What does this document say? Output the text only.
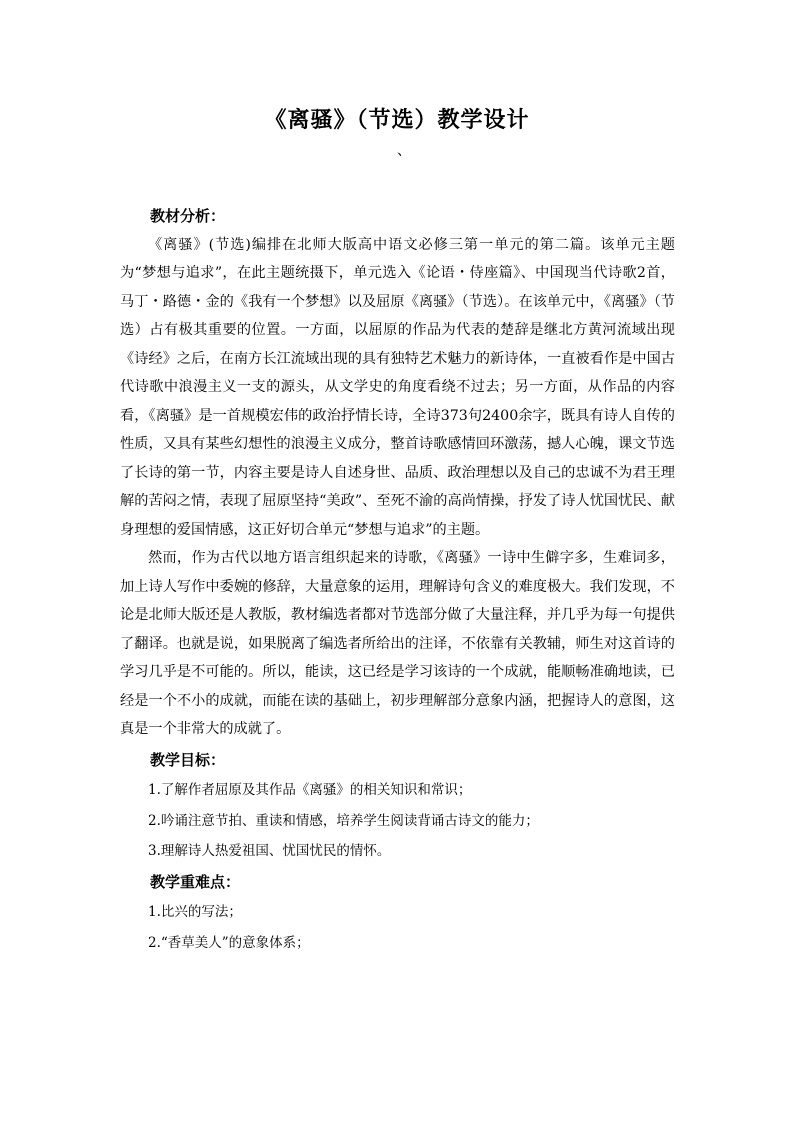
《离骚》（节选）教学设计
、
教材分析：

《离骚》(节选)编排在北师大版高中语文必修三第一单元的第二篇。该单元主题为“梦想与追求”，在此主题统摄下，单元选入《论语・侍座篇》、中国现当代诗歌2首，马丁・路德・金的《我有一个梦想》以及屈原《离骚》（节选）。在该单元中，《离骚》（节选）占有极其重要的位置。一方面，以屈原的作品为代表的楚辞是继北方黄河流域出现《诗经》之后，在南方长江流域出现的具有独特艺术魅力的新诗体，一直被看作是中国古代诗歌中浪漫主义一支的源头，从文学史的角度看绕不过去；另一方面，从作品的内容看，《离骚》是一首规模宏伟的政治抒情长诗，全诗373句2400余字，既具有诗人自传的性质，又具有某些幻想性的浪漫主义成分，整首诗歌感情回环激荡，撼人心魄，课文节选了长诗的第一节，内容主要是诗人自述身世、品质、政治理想以及自己的忠诚不为君王理解的苦闷之情，表现了屈原坚持“美政”、至死不渝的高尚情操，抒发了诗人忧国忧民、献身理想的爱国情感，这正好切合单元“梦想与追求”的主题。

然而，作为古代以地方语言组织起来的诗歌，《离骚》一诗中生僻字多，生难词多，加上诗人写作中委婉的修辞，大量意象的运用，理解诗句含义的难度极大。我们发现，不论是北师大版还是人教版，教材编选者都对节选部分做了大量注释，并几乎为每一句提供了翻译。也就是说，如果脱离了编选者所给出的注译，不依靠有关教辅，师生对这首诗的学习几乎是不可能的。所以，能读，这已经是学习该诗的一个成就，能顺畅准确地读，已经是一个不小的成就，而能在读的基础上，初步理解部分意象内涵，把握诗人的意图，这真是一个非常大的成就了。

教学目标：

1.了解作者屈原及其作品《离骚》的相关知识和常识；

2.吟诵注意节拍、重读和情感，培养学生阅读背诵古诗文的能力；

3.理解诗人热爱祖国、忧国忧民的情怀。

教学重难点：

1.比兴的写法；

2.“香草美人”的意象体系；
